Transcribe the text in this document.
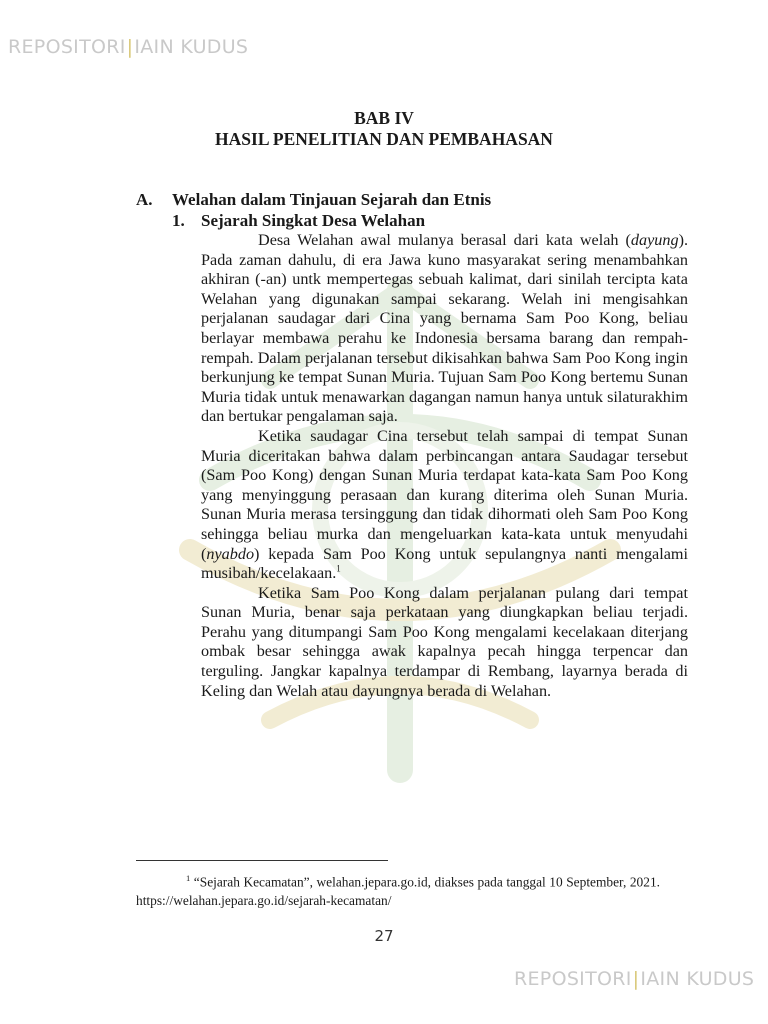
REPOSITORI|IAIN KUDUS
BAB IV
HASIL PENELITIAN DAN PEMBAHASAN
A. Welahan dalam Tinjauan Sejarah dan Etnis
1. Sejarah Singkat Desa Welahan

Desa Welahan awal mulanya berasal dari kata welah (dayung). Pada zaman dahulu, di era Jawa kuno masyarakat sering menambahkan akhiran (-an) untk mempertegas sebuah kalimat, dari sinilah tercipta kata Welahan yang digunakan sampai sekarang. Welah ini mengisahkan perjalanan saudagar dari Cina yang bernama Sam Poo Kong, beliau berlayar membawa perahu ke Indonesia bersama barang dan rempah-rempah. Dalam perjalanan tersebut dikisahkan bahwa Sam Poo Kong ingin berkunjung ke tempat Sunan Muria. Tujuan Sam Poo Kong bertemu Sunan Muria tidak untuk menawarkan dagangan namun hanya untuk silaturakhim dan bertukar pengalaman saja.

Ketika saudagar Cina tersebut telah sampai di tempat Sunan Muria diceritakan bahwa dalam perbincangan antara Saudagar tersebut (Sam Poo Kong) dengan Sunan Muria terdapat kata-kata Sam Poo Kong yang menyinggung perasaan dan kurang diterima oleh Sunan Muria. Sunan Muria merasa tersinggung dan tidak dihormati oleh Sam Poo Kong sehingga beliau murka dan mengeluarkan kata-kata untuk menyudahi (nyabdo) kepada Sam Poo Kong untuk sepulangnya nanti mengalami musibah/kecelakaan.$^1$

Ketika Sam Poo Kong dalam perjalanan pulang dari tempat Sunan Muria, benar saja perkataan yang diungkapkan beliau terjadi. Perahu yang ditumpangi Sam Poo Kong mengalami kecelakaan diterjang ombak besar sehingga awak kapalnya pecah hingga terpencar dan terguling. Jangkar kapalnya terdampar di Rembang, layarnya berada di Keling dan Welah atau dayungnya berada di Welahan.

$^1$ “Sejarah Kecamatan”, welahan.jepara.go.id, diakses pada tanggal 10 September, 2021. https://welahan.jepara.go.id/sejarah-kecamatan/
27
REPOSITORI|IAIN KUDUS
